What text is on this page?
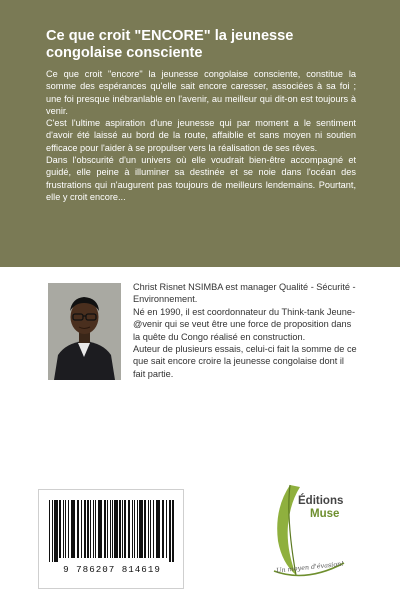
Ce que croit "ENCORE" la jeunesse congolaise consciente

Ce que croit "encore" la jeunesse congolaise consciente, constitue la somme des espérances qu'elle sait encore caresser, associées à sa foi ; une foi presque inébranlable en l'avenir, au meilleur qui dit-on est toujours à venir.

C'est l'ultime aspiration d'une jeunesse qui par moment a le sentiment d'avoir été laissé au bord de la route, affaiblie et sans moyen ni soutien efficace pour l'aider à se propulser vers la réalisation de ses rêves.

Dans l'obscurité d'un univers où elle voudrait bien-être accompagné et guidé, elle peine à illuminer sa destinée et se noie dans l'océan des frustrations qui n'augurent pas toujours de meilleurs lendemains. Pourtant, elle y croit encore...

Christ Risnet NSIMBA est manager Qualité - Sécurité - Environnement.

Né en 1990, il est coordonnateur du Think-tank Jeune-@venir qui se veut être une force de proposition dans la quête du Congo réalisé en construction.

Auteur de plusieurs essais, celui-ci fait la somme de ce que sait encore croire la jeunesse congolaise dont il fait partie.

9 786207 814619
Éditions
Muse
Un moyen d'évasion!
